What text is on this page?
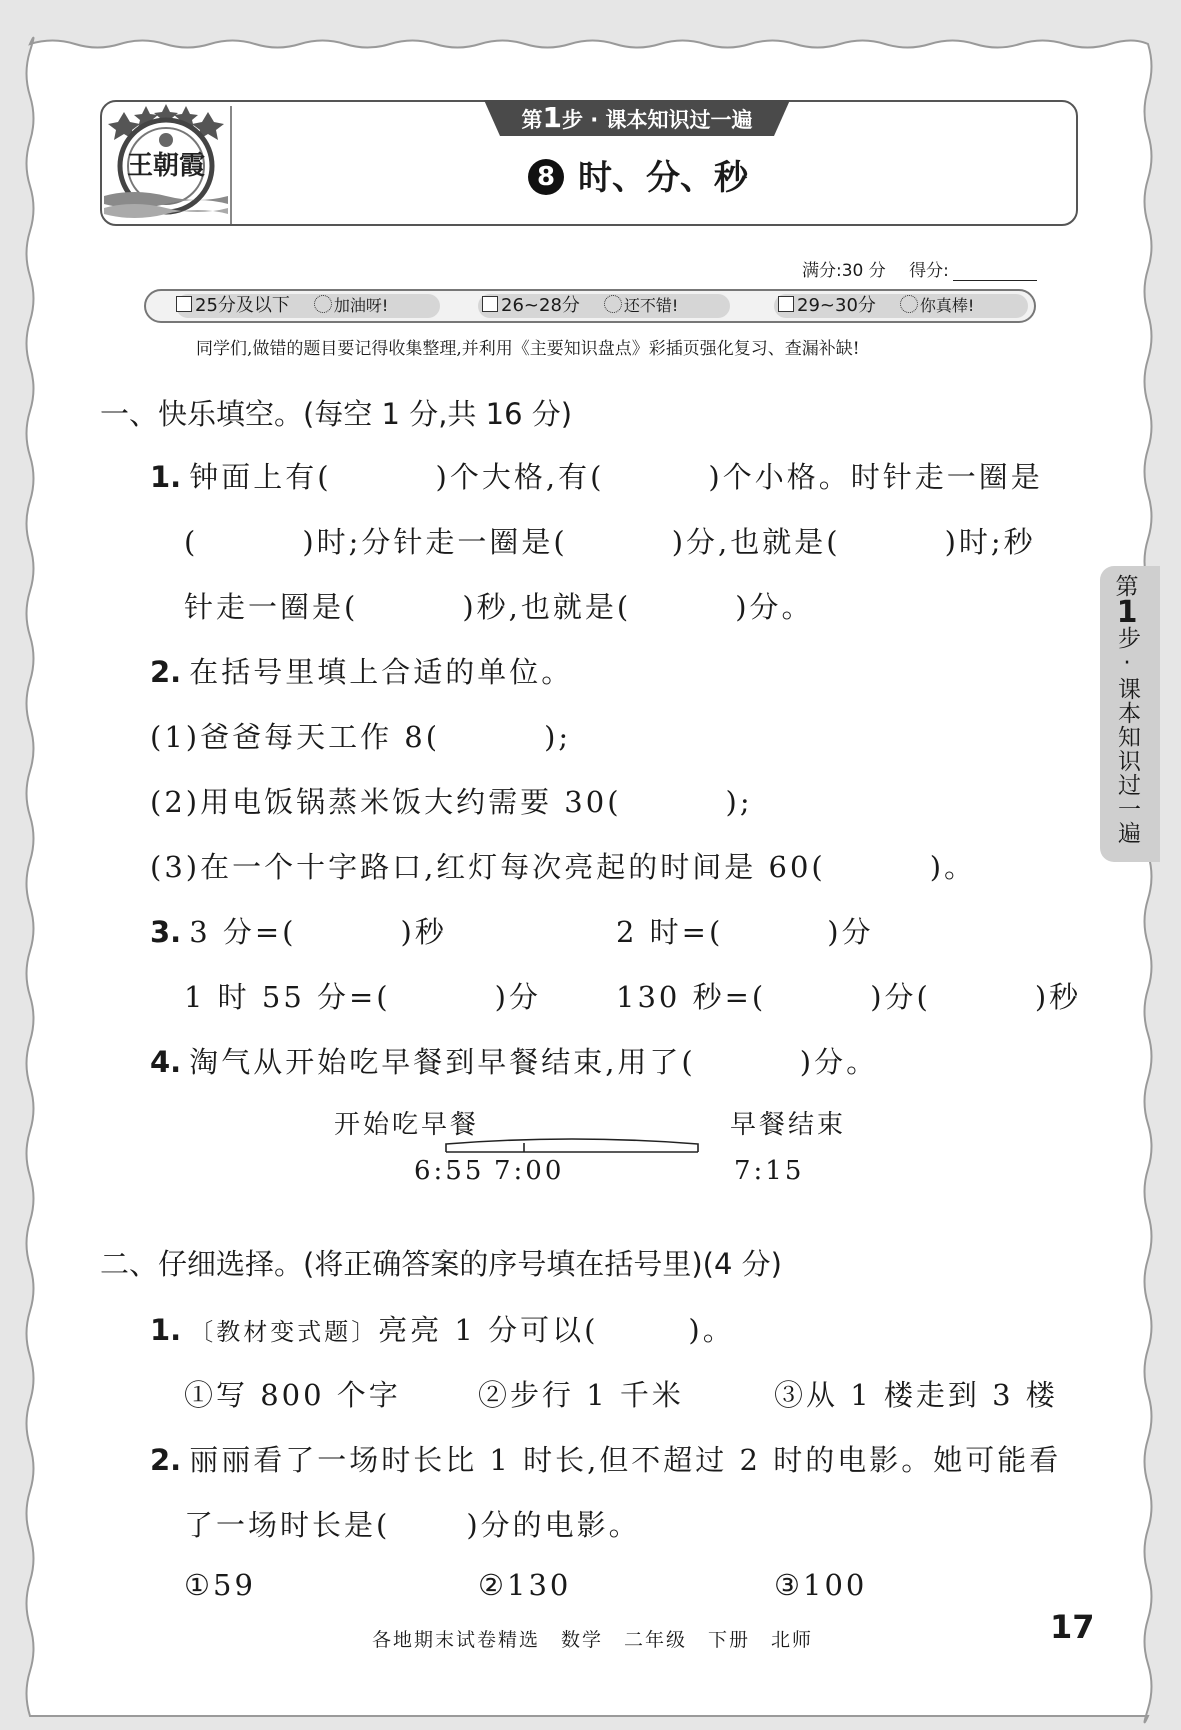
王朝霞
第1步 · 课本知识过一遍
8 时、分、秒
满分:30 分 得分:
25分及以下	加油呀!	26~28分	还不错!	29~30分	你真棒!
同学们,做错的题目要记得收集整理,并利用《主要知识盘点》彩插页强化复习、查漏补缺!
第
1
步·课本知识过一遍
一、快乐填空。(每空 1 分,共 16 分)
1. 钟面上有(	)个大格,有(	)个小格。时针走一圈是
(	)时;分针走一圈是(	)分,也就是(	)时;秒
针走一圈是(	)秒,也就是(	)分。
2. 在括号里填上合适的单位。
(1)爸爸每天工作 8(	);
(2)用电饭锅蒸米饭大约需要 30(	);
(3)在一个十字路口,红灯每次亮起的时间是 60(	)。
3. 3 分=(	)秒	2 时=(	)分
1 时 55 分=(	)分	130 秒=(	)分(	)秒
4. 淘气从开始吃早餐到早餐结束,用了(	)分。
开始吃早餐	早餐结束
6:55 7:00	7:15
二、仔细选择。(将正确答案的序号填在括号里)(4 分)
1. 〔教材变式题〕亮亮 1 分可以(	)。
①写 800 个字	②步行 1 千米	③从 1 楼走到 3 楼
2. 丽丽看了一场时长比 1 时长,但不超过 2 时的电影。她可能看
了一场时长是(	)分的电影。
①59	②130	③100
各地期末试卷精选　数学　二年级　下册　北师	17
